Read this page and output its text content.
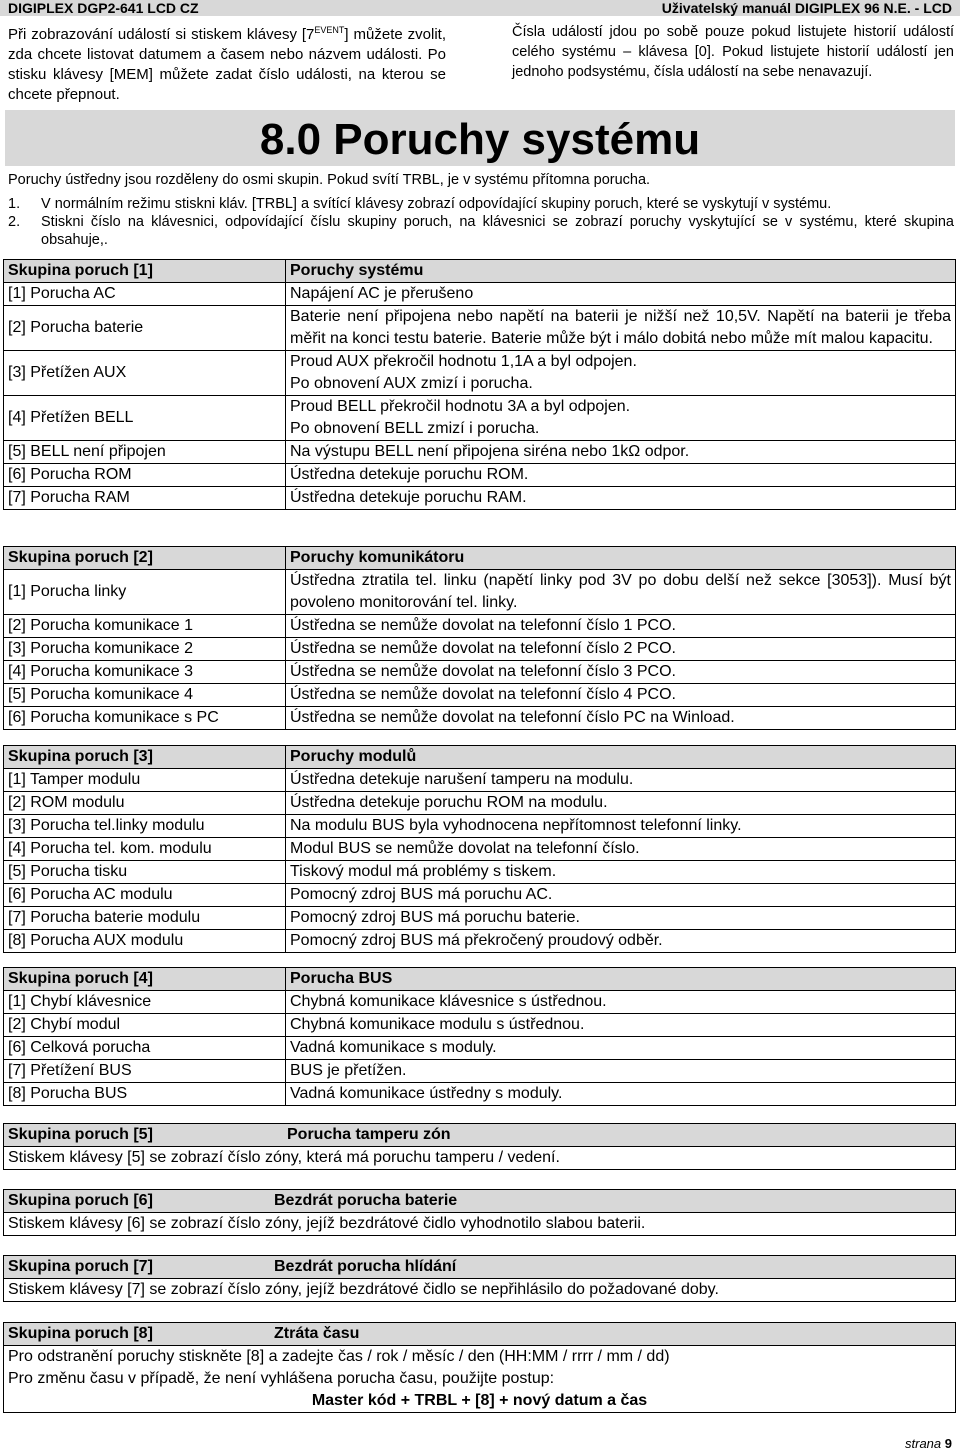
DIGIPLEX DGP2-641 LCD CZ	Uživatelský manuál DIGIPLEX 96 N.E. - LCD
Při zobrazování událostí si stiskem klávesy $[7^{EVENT}]$ můžete zvolit, zda chcete listovat datumem a časem nebo názvem události. Po stisku klávesy [MEM] můžete zadat číslo události, na kterou se chcete přepnout.
Čísla událostí jdou po sobě pouze pokud listujete historií událostí celého systému – klávesa [0]. Pokud listujete historií událostí jen jednoho podsystému, čísla událostí na sebe nenavazují.
8.0 Poruchy systému
Poruchy ústředny jsou rozděleny do osmi skupin. Pokud svítí TRBL, je v systému přítomna porucha.
1.	V normálním režimu stiskni kláv. [TRBL] a svítící klávesy zobrazí odpovídající skupiny poruch, které se vyskytují v systému.
2.	Stiskni číslo na klávesnici, odpovídající číslu skupiny poruch, na klávesnici se zobrazí poruchy vyskytující se v systému, které skupina obsahuje,.
Skupina poruch [1]	Poruchy systému
[1] Porucha AC	Napájení AC je přerušeno

[2] Porucha baterie	Baterie není připojena nebo napětí na baterii je nižší než 10,5V. Napětí na baterii je třeba měřit na konci testu baterie. Baterie může být i málo dobitá nebo může mít malou kapacitu.

[3] Přetížen AUX	Proud AUX překročil hodnotu 1,1A a byl odpojen.
Po obnovení AUX zmizí i porucha.

[4] Přetížen BELL	Proud BELL překročil hodnotu 3A a byl odpojen.
Po obnovení BELL zmizí i porucha.

[5] BELL není připojen	Na výstupu BELL není připojena siréna nebo 1kΩ odpor.

[6] Porucha ROM	Ústředna detekuje poruchu ROM.

[7] Porucha RAM	Ústředna detekuje poruchu RAM.
Skupina poruch [2]	Poruchy komunikátoru
[1] Porucha linky	Ústředna ztratila tel. linku (napětí linky pod 3V po dobu delší než sekce [3053]). Musí být povoleno monitorování tel. linky.

[2] Porucha komunikace 1	Ústředna se nemůže dovolat na telefonní číslo 1 PCO.

[3] Porucha komunikace 2	Ústředna se nemůže dovolat na telefonní číslo 2 PCO.

[4] Porucha komunikace 3	Ústředna se nemůže dovolat na telefonní číslo 3 PCO.

[5] Porucha komunikace 4	Ústředna se nemůže dovolat na telefonní číslo 4 PCO.

[6] Porucha komunikace s PC	Ústředna se nemůže dovolat na telefonní číslo PC na Winload.
Skupina poruch [3]	Poruchy modulů
[1] Tamper modulu	Ústředna detekuje narušení tamperu na modulu.

[2] ROM modulu	Ústředna detekuje poruchu ROM na modulu.

[3] Porucha tel.linky modulu	Na modulu BUS byla vyhodnocena nepřítomnost telefonní linky.

[4] Porucha tel. kom. modulu	Modul BUS se nemůže dovolat na telefonní číslo.

[5] Porucha tisku	Tiskový modul má problémy s tiskem.

[6] Porucha AC modulu	Pomocný zdroj BUS má poruchu AC.

[7] Porucha baterie modulu	Pomocný zdroj BUS má poruchu baterie.

[8] Porucha AUX modulu	Pomocný zdroj BUS má překročený proudový odběr.
Skupina poruch [4]	Porucha BUS
[1] Chybí klávesnice	Chybná komunikace klávesnice s ústřednou.

[2] Chybí modul	Chybná komunikace modulu s ústřednou.

[6] Celková porucha	Vadná komunikace s moduly.

[7] Přetížení BUS	BUS je přetížen.

[8] Porucha BUS	Vadná komunikace ústředny s moduly.
Skupina poruch [5]	Porucha tamperu zón
Stiskem klávesy [5] se zobrazí číslo zóny, která má poruchu tamperu / vedení.
Skupina poruch [6]	Bezdrát porucha baterie
Stiskem klávesy [6] se zobrazí číslo zóny, jejíž bezdrátové čidlo vyhodnotilo slabou baterii.
Skupina poruch [7]	Bezdrát porucha hlídání
Stiskem klávesy [7] se zobrazí číslo zóny, jejíž bezdrátové čidlo se nepřihlásilo do požadované doby.
Skupina poruch [8]	Ztráta času

Pro odstranění poruchy stiskněte [8] a zadejte čas / rok / měsíc / den (HH:MM / rrrr / mm / dd)
Pro změnu času v případě, že není vyhlášena porucha času, použijte postup:
Master kód + TRBL + [8] + nový datum a čas
strana 9
